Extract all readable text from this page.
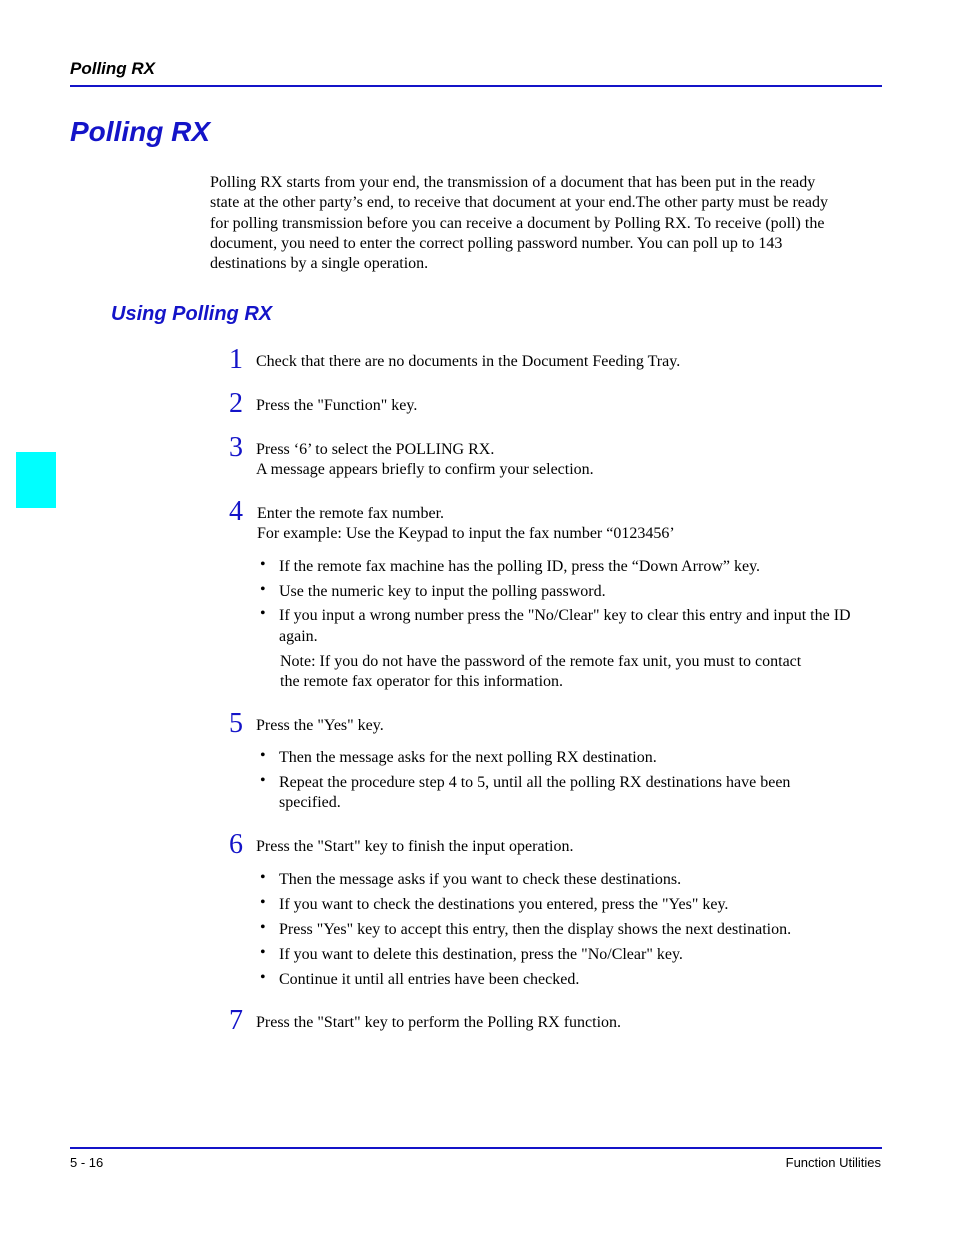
Polling RX
Polling RX
Polling RX starts from your end, the transmission of a document that has been put in the ready
state at the other party’s end, to receive that document at your end.The other party must be ready
for polling transmission before you can receive a document by Polling RX. To receive (poll) the
document, you need to enter the correct polling password number. You can poll up to 143
destinations by a single operation.
Using Polling RX
1 Check that there are no documents in the Document Feeding Tray.
2 Press the "Function" key.
3 Press ‘6’ to select the POLLING RX.
A message appears briefly to confirm your selection.
4 Enter the remote fax number.
For example: Use the Keypad to input the fax number “0123456’
• If the remote fax machine has the polling ID, press the “Down Arrow” key.
• Use the numeric key to input the polling password.
• If you input a wrong number press the "No/Clear" key to clear this entry and input the ID
again.
Note: If you do not have the password of the remote fax unit, you must to contact
the remote fax operator for this information.
5 Press the "Yes" key.
• Then the message asks for the next polling RX destination.
• Repeat the procedure step 4 to 5, until all the polling RX destinations have been
specified.
6 Press the "Start" key to finish the input operation.
• Then the message asks if you want to check these destinations.
• If you want to check the destinations you entered, press the "Yes" key.
• Press "Yes" key to accept this entry, then the display shows the next destination.
• If you want to delete this destination, press the "No/Clear" key.
• Continue it until all entries have been checked.
7 Press the "Start" key to perform the Polling RX function.
5 - 16	Function Utilities
